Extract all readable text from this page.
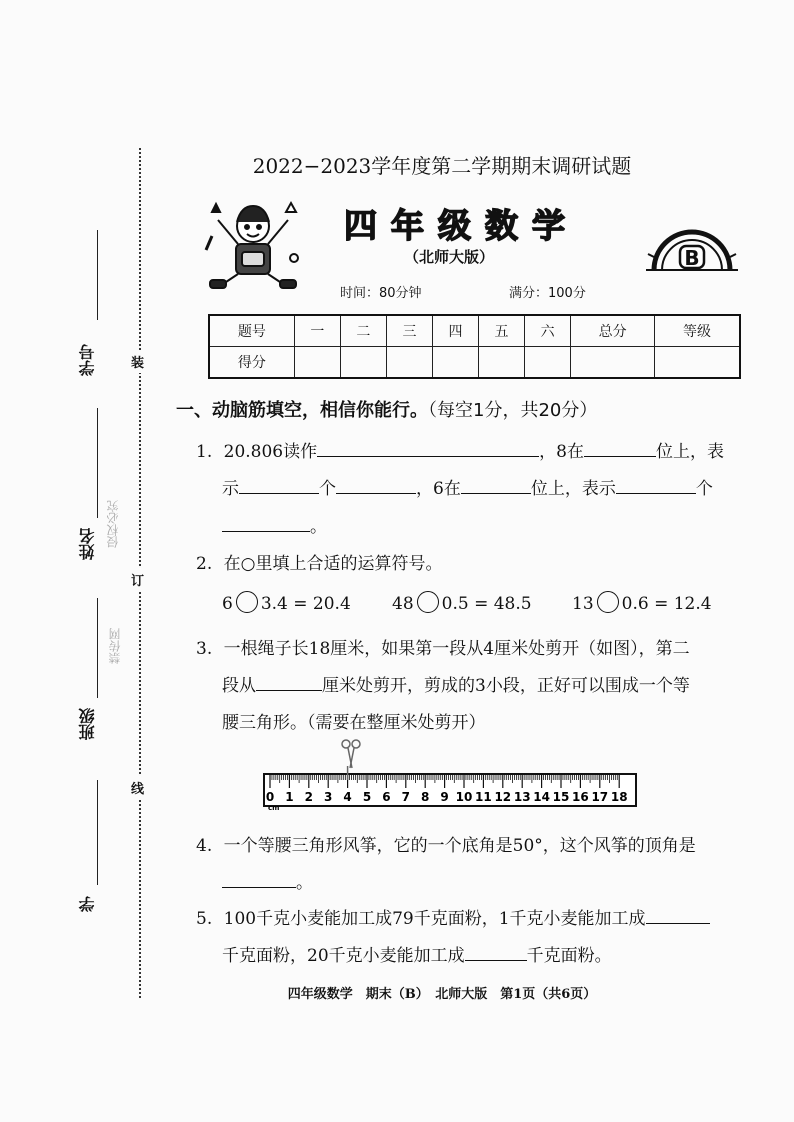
装
订
线
学号
姓名 侵权必究
班级
禁传网
学
2022−2023学年度第二学期期末调研试题
四年级数学
（北师大版）
时间：80分钟	满分：100分
B
题号	一	二	三	四	五	六	总分	等级
得分								
一、动脑筋填空，相信你能行。（每空1分，共20分）
1. 20.806读作	，8在	位上，表
示	个	，6在	位上，表示	个
。
2. 在○里填上合适的运算符号。
6 3.4 = 20.4 48 0.5 = 48.5 13 0.6 = 12.4
3. 一根绳子长18厘米，如果第一段从4厘米处剪开（如图），第二
段从	厘米处剪开，剪成的3小段，正好可以围成一个等
腰三角形。（需要在整厘米处剪开）
0 1 2 3 4 5 6 7 8 9 10 11 12 13 14 15 16 17 18
cm
4. 一个等腰三角形风筝，它的一个底角是50°，这个风筝的顶角是
。
5. 100千克小麦能加工成79千克面粉，1千克小麦能加工成
千克面粉，20千克小麦能加工成	千克面粉。
四年级数学　期末（B）　北师大版　第1页（共6页）
